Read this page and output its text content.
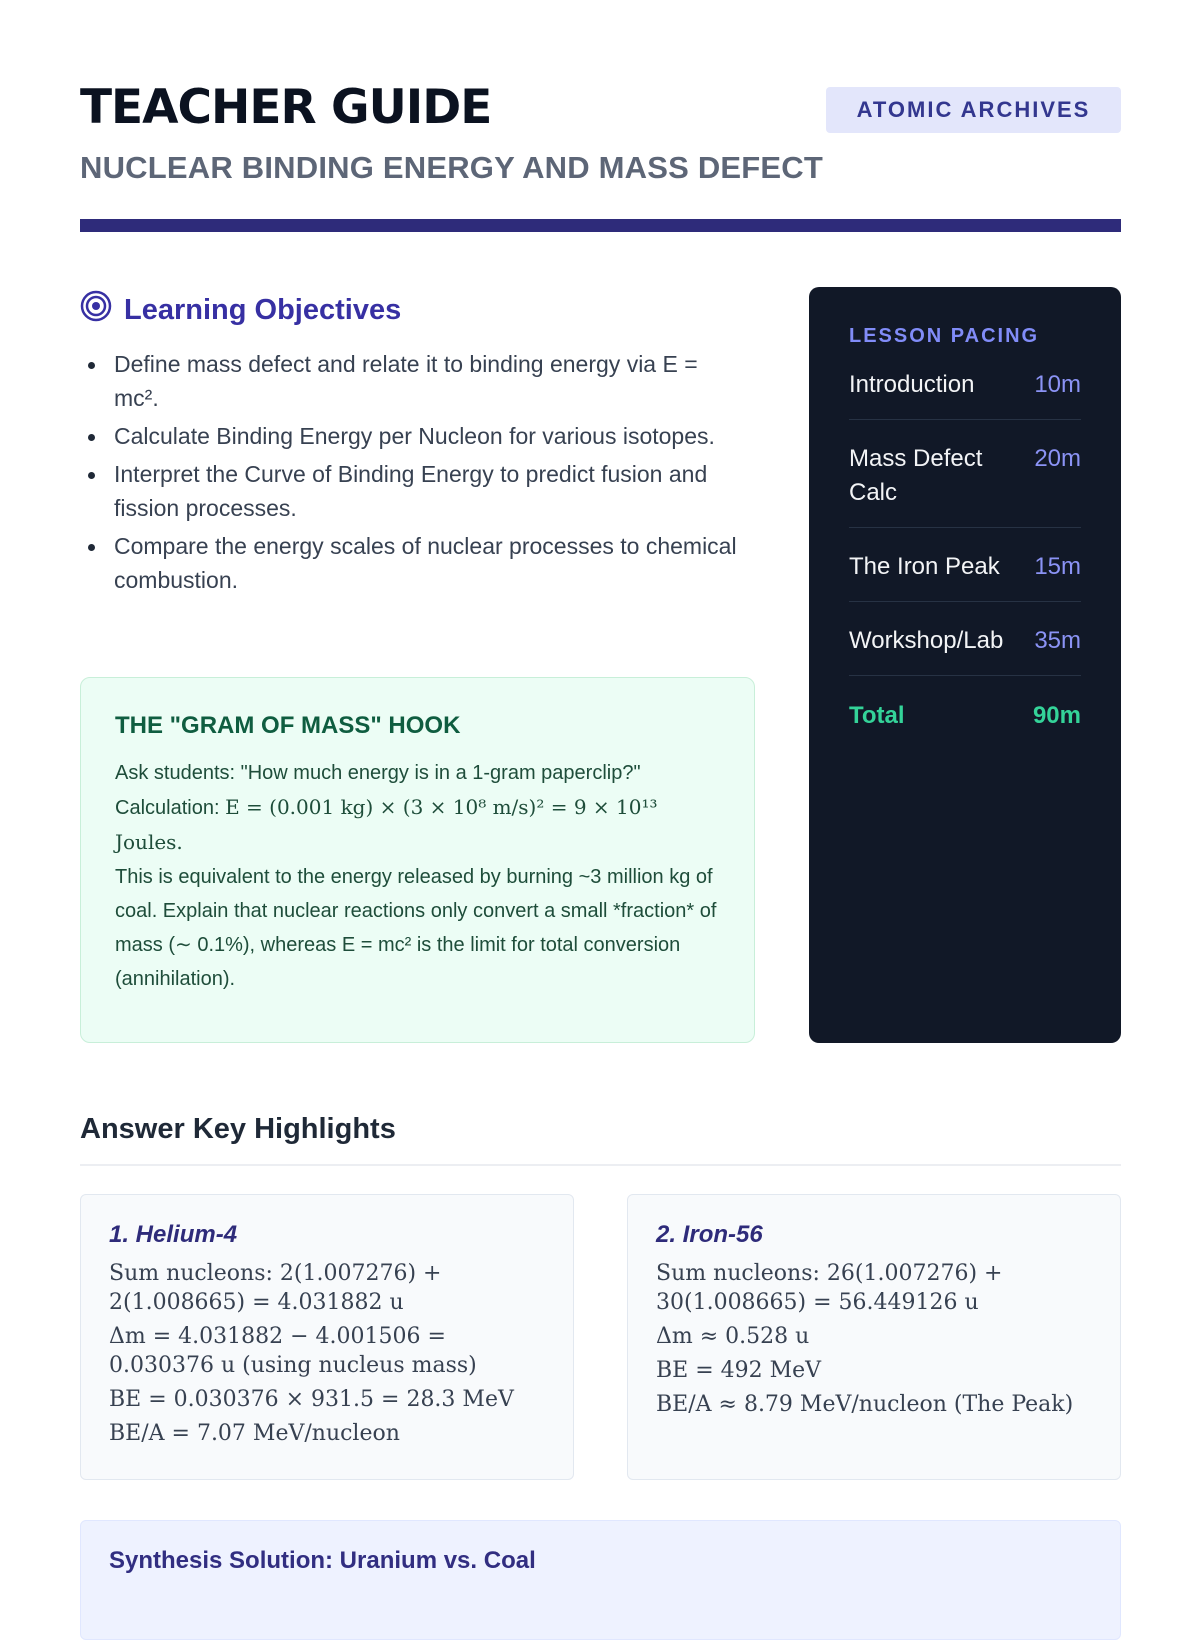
TEACHER GUIDE	ATOMIC ARCHIVES
NUCLEAR BINDING ENERGY AND MASS DEFECT
Learning Objectives
Define mass defect and relate it to binding energy via E = mc².
Calculate Binding Energy per Nucleon for various isotopes.
Interpret the Curve of Binding Energy to predict fusion and fission processes.
Compare the energy scales of nuclear processes to chemical combustion.
THE "GRAM OF MASS" HOOK

Ask students: "How much energy is in a 1-gram paperclip?"

Calculation: E = (0.001 kg) × (3 × 10⁸ m/s)² = 9 × 10¹³ Joules.

This is equivalent to the energy released by burning ~3 million kg of coal. Explain that nuclear reactions only convert a small *fraction* of mass (∼ 0.1%), whereas E = mc² is the limit for total conversion (annihilation).

LESSON PACING
Introduction 10m
Mass Defect Calc
20m
The Iron Peak 15m
Workshop/Lab 35m
Total	90m
Answer Key Highlights
1. Helium-4
Sum nucleons: 2(1.007276) + 2(1.008665) = 4.031882 u
Δm = 4.031882 − 4.001506 = 0.030376 u (using nucleus mass)
BE = 0.030376 × 931.5 = 28.3 MeV
BE/A = 7.07 MeV/nucleon
2. Iron-56
Sum nucleons: 26(1.007276) + 30(1.008665) = 56.449126 u
Δm ≈ 0.528 u
BE = 492 MeV
BE/A ≈ 8.79 MeV/nucleon (The Peak)
Synthesis Solution: Uranium vs. Coal
